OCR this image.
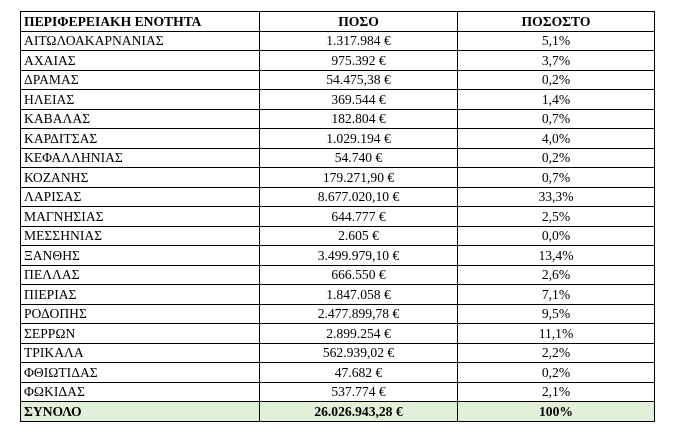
ΠΕΡΙΦΕΡΕΙΑΚΗ ΕΝΟΤΗΤΑ	ΠΟΣΟ	ΠΟΣΟΣΤΟ
ΑΙΤΩΛΟΑΚΑΡΝΑΝΙΑΣ	1.317.984 €	5,1%
ΑΧΑΙΑΣ	975.392 €	3,7%
ΔΡΑΜΑΣ	54.475,38 €	0,2%
ΗΛΕΙΑΣ	369.544 €	1,4%
ΚΑΒΑΛΑΣ	182.804 €	0,7%
ΚΑΡΔΙΤΣΑΣ	1.029.194 €	4,0%
ΚΕΦΑΛΛΗΝΙΑΣ	54.740 €	0,2%
ΚΟΖΑΝΗΣ	179.271,90 €	0,7%
ΛΑΡΙΣΑΣ	8.677.020,10 €	33,3%
ΜΑΓΝΗΣΙΑΣ	644.777 €	2,5%
ΜΕΣΣΗΝΙΑΣ	2.605 €	0,0%
ΞΑΝΘΗΣ	3.499.979,10 €	13,4%
ΠΕΛΛΑΣ	666.550 €	2,6%
ΠΙΕΡΙΑΣ	1.847.058 €	7,1%
ΡΟΔΟΠΗΣ	2.477.899,78 €	9,5%
ΣΕΡΡΩΝ	2.899.254 €	11,1%
ΤΡΙΚΑΛΑ	562.939,02 €	2,2%
ΦΘΙΩΤΙΔΑΣ	47.682 €	0,2%
ΦΩΚΙΔΑΣ	537.774 €	2,1%
ΣΥΝΟΛΟ	26.026.943,28 €	100%
